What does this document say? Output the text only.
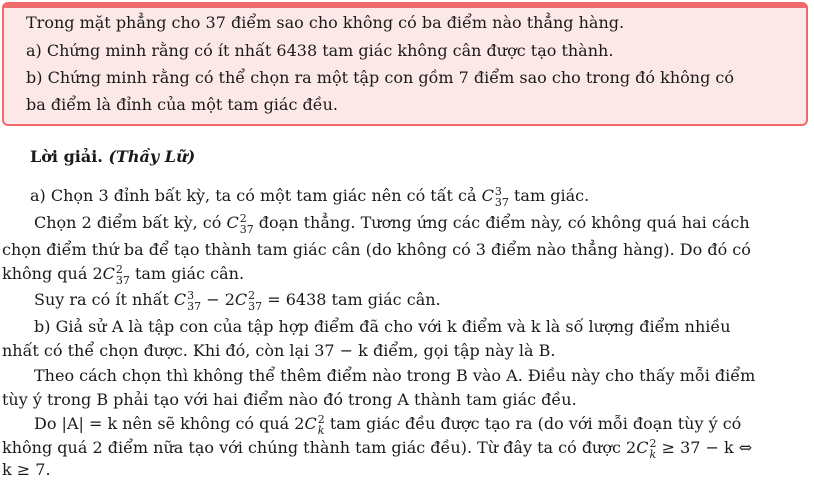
Trong mặt phẳng cho 37 điểm sao cho không có ba điểm nào thẳng hàng.
a) Chứng minh rằng có ít nhất 6438 tam giác không cân được tạo thành.
b) Chứng minh rằng có thể chọn ra một tập con gồm 7 điểm sao cho trong đó không có
ba điểm là đỉnh của một tam giác đều.
Lời giải. (Thầy Lữ)
a) Chọn 3 đỉnh bất kỳ, ta có một tam giác nên có tất cả C 3
37 tam giác.
Chọn 2 điểm bất kỳ, có C 2
37 đoạn thẳng. Tương ứng các điểm này, có không quá hai cách
chọn điểm thứ ba để tạo thành tam giác cân (do không có 3 điểm nào thẳng hàng). Do đó có
không quá 2C 2
37 tam giác cân.
Suy ra có ít nhất C 3
37 − 2C 2
37 = 6438 tam giác cân.
b) Giả sử A là tập con của tập hợp điểm đã cho với k điểm và k là số lượng điểm nhiều
nhất có thể chọn được. Khi đó, còn lại 37 − k điểm, gọi tập này là B.
Theo cách chọn thì không thể thêm điểm nào trong B vào A. Điều này cho thấy mỗi điểm
tùy ý trong B phải tạo với hai điểm nào đó trong A thành tam giác đều.
Do |A| = k nên sẽ không có quá 2C 2
k tam giác đều được tạo ra (do với mỗi đoạn tùy ý có
không quá 2 điểm nữa tạo với chúng thành tam giác đều). Từ đây ta có được 2C 2
k ≥ 37 − k ⇔
k ≥ 7.
